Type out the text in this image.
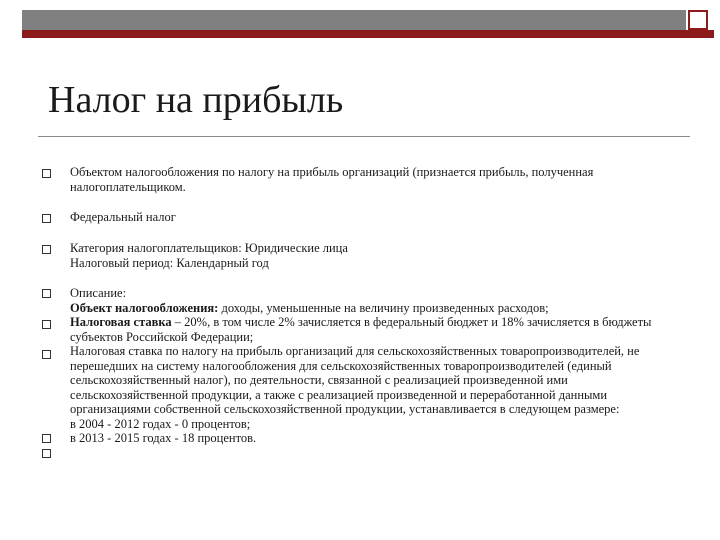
Налог на прибыль
Объектом налогообложения по налогу на прибыль организаций (признается прибыль, полученная налогоплательщиком.
Федеральный налог
Категория налогоплательщиков: Юридические лица
Налоговый период: Календарный год
Описание:
Объект налогообложения: доходы, уменьшенные на величину произведенных расходов;
Налоговая ставка – 20%, в том числе 2% зачисляется в федеральный бюджет и 18% зачисляется в бюджеты субъектов Российской Федерации;
Налоговая ставка по налогу на прибыль организаций для сельскохозяйственных товаропроизводителей, не перешедших на систему налогообложения для сельскохозяйственных товаропроизводителей (единый сельскохозяйственный налог), по деятельности, связанной с реализацией произведенной ими сельскохозяйственной продукции, а также с реализацией произведенной и переработанной данными организациями собственной сельскохозяйственной продукции, устанавливается в следующем размере:
в 2004 - 2012 годах - 0 процентов;
в 2013 - 2015 годах - 18 процентов.
